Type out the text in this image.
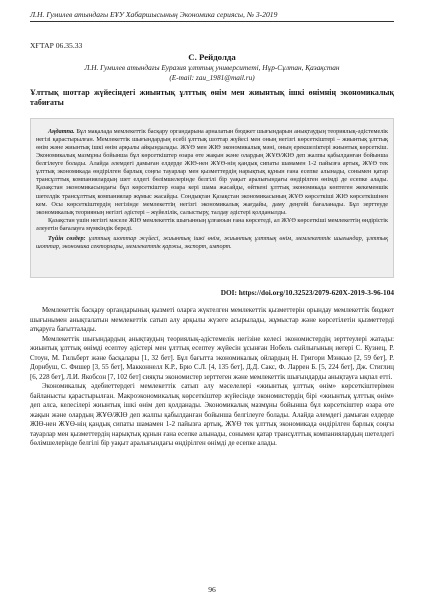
Л.Н. Гумилев атындағы ЕҰУ Хабаршысының Экономика сериясы, № 3-2019
ХҒТАР 06.35.33
С. Рейдолда
Л.Н. Гумилев атындағы Еуразия ұлттық университеті, Нұр-Сұлтан, Қазақстан
(E-mail: zau_1981@mail.ru)
Ұлттық шоттар жүйесіндегі жиынтық ұлттық өнім мен жиынтық ішкі өнімнің экономикалық табиғаты

Аңдатпа. Бұл мақалада мемлекеттік басқару органдарына арналатын бюджет шығындарын анықтаудың теориялық-әдістемелік негізі қарастырылған. Мемлекеттік шығындардың есебі ұлттық шоттар жүйесі мен оның негізгі көрсеткіштері – жиынтық ұлттық өнім және жиынтық ішкі өнім арқылы айқындалады. ЖҰӨ мен ЖІӨ экономикалық мәні, оның ерекшеліктері жиынтық көрсеткіш. Экономикалық мазмұны бойынша бұл көрсеткіштер өзара өте жақын және олардың ЖҰӨ/ЖІӨ деп жалпы қабылданған бойынша белгілеуге болады. Алайда әлемдегі дамыған елдерде ЖІӨ-нен ЖҰӨ-нің қандық сипаты шамамен 1-2 пайызға артық, ЖҰӨ тек ұлттық экономикада өндірілген барлық соңғы тауарлар мен қызметтердің нарықтық құнын ғана есепке алынады, сонымен қатар трансұлттық компаниялардың шет елдегі бөлімшелерінде белгілі бір уақыт аралығындағы өндірілген өнімді де есепке алады. Қазақстан экономикасындағы бұл көрсеткіштер өзара кері шама жасайды, өйткені ұлттық экономикада көптеген жекеменшік шетелдік трансұлттық компаниялар жұмыс жасайды. Сондықтан Қазақстан экономикасының ЖҰӨ көрсеткіші ЖІӨ көрсеткішінен кем. Осы көрсеткіштердің негізінде мемлекеттің негізгі экономикалық жағдайы, даму деңгейі бағаланады. Бұл зерттеуде экономикалық теорияның негізгі әдістері – жүйелілік, салыстыру, талдау әдістері қолданылды.

Қазақстан үшін негізгі мәселе ЖІӨ мемлекеттік шығынның ұлғаюын ғана көрсетеді, ал ЖҰӨ көрсеткіші мемлекеттің өндірістік әлеуетін бағалауға мүмкіндік береді.

Түйін сөздер: ұлттық шоттар жүйесі, жиынтық ішкі өнім, жиынтық ұлттық өнім, мемлекеттік шығындар, ұлттық шоттар, экономика секторлары, мемлекеттік қаржы, экспорт, импорт.

DOI: https://doi.org/10.32523/2079-620X-2019-3-96-104

Мемлекеттік басқару органдарының қызметі оларға жүктелген мемлекеттік қызметтерін орындау мемлекеттік бюджет шығынымен анықталатын мемлекеттік сатып алу арқылы жүзеге асырылады, жұмыстар және көрсетілетін қызметтерді атқаруға бағытталады.

Мемлекеттік шығындардың анықтаудың теориялық-әдістемелік негізіне келесі экономистердің зерттеулері жатады: жиынтық ұлттық өнімді есептеу әдістері мен ұлттық есептеу жүйесін ұсынған Нобель сыйлығының иегері С. Кузнец, Р. Стоун, М. Гильберт және басқалары [1, 32 бет]. Бұл бағытта экономикалық ойлардың Н. Григори Мэнкью [2, 59 бет], Р. Дорнбуш, С. Фишер [3, 55 бет], Макконнелл К.Р., Брю С.Л. [4, 135 бет], Д.Д. Сакс, Ф. Ларрен Б. [5, 224 бет], Дж. Стиглиц [6, 228 бет], Л.И. Якобсон [7, 102 бет] сияқты экономистер зерттеген және мемлекеттік шығындарды анықтауға ықпал етті.

Экономикалық әдебиеттердегі мемлекеттік сатып алу мәселелері «жиынтық ұлттық өнім» көрсеткіштерімен байланысты қарастырылған. Макроэкономикалық көрсеткіштер жүйесінде экономистердің бірі «жиынтық ұлттық өнім» деп алса, келесілері жиынтық ішкі өнім деп қолданады. Экономикалық мазмұны бойынша бұл көрсеткіштер өзара өте жақын және олардың ЖҰӨ/ЖІӨ деп жалпы қабылданған бойынша белгілеуге болады. Алайда әлемдегі дамыған елдерде ЖІӨ-нен ЖҰӨ-нің қандық сипаты шамамен 1-2 пайызға артық, ЖҰӨ тек ұлттық экономикада өндірілген барлық соңғы тауарлар мен қызметтердің нарықтық құнын ғана есепке алынады, сонымен қатар трансұлттық компаниялардың шетелдегі бөлімшелерінде белгілі бір уақыт аралығындағы өндірілген өнімді де есепке алады.

96
